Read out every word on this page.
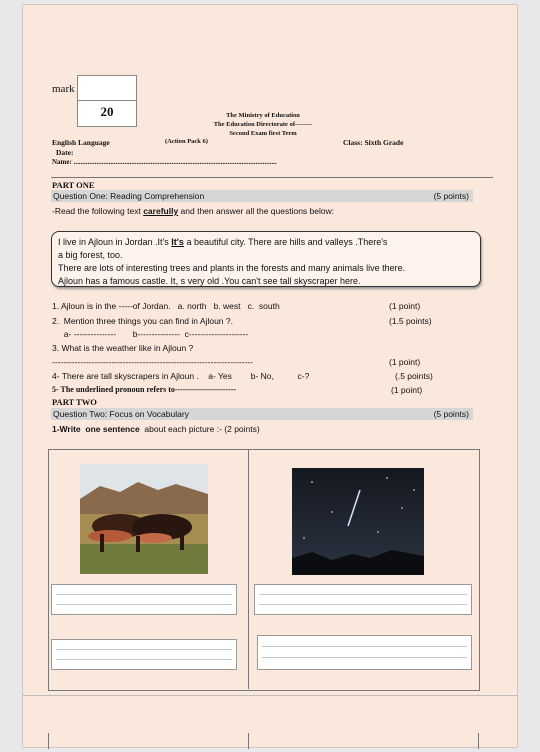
mark
20	The Ministry of Education
The Education Directorate of--------
Second Exam first Term
English Language	(Action Pack 6)	Class: Sixth Grade
Date:
Name: ....................................................................................................................
PART ONE
Question One: Reading Comprehension	(5 points)
-Read the following text carefully and then answer all the questions below:
I live in Ajloun in Jordan .It's It's a beautiful city. There are hills and valleys .There's
a big forest, too.
There are lots of interesting trees and plants in the forests and many animals live there.
Ajloun has a famous castle. It, s very old .You can't see tall skyscraper here.
1. Ajloun is in the -----of Jordan.   a. north   b. west   c.  south	(1 point)
2.  Mention three things you can find in Ajloun ?.	(1.5 points)
a- ---------------       b---------------  c---------------------
3. What is the weather like in Ajloun ?
-----------------------------------------------------------------------	(1 point)
4- There are tall skyscrapers in Ajloun .    a- Yes        b- No,          c-?	(.5 points)
5- The underlined pronoun refers to-----------------------	(1 point)
PART TWO
Question Two: Focus on Vocabulary	(5 points)
1-Write  one sentence  about each picture :- (2 points)
